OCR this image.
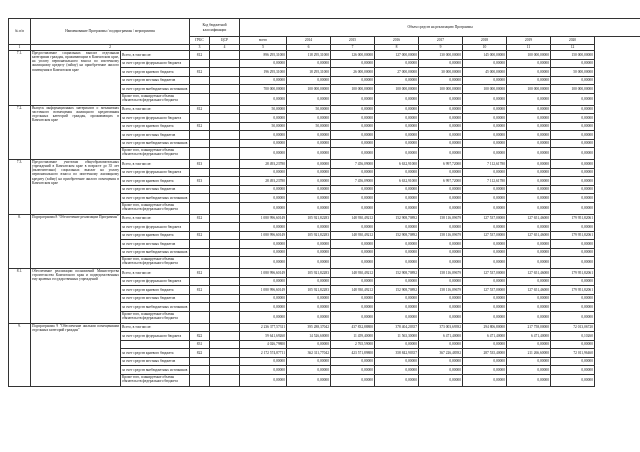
№ п/п	Наименование Программы / подпрограммы / мероприятия		Код бюджетной классификации		Объем средств на реализацию Программы							
			ГРБС	ЦСР	всего	2014	2015	2016	2017	2018	2019	2020
1	2		3	4	5	6	7	8	9	10	11	12
7.1.	Предоставление социальных выплат отдельным категориям граждан, проживающим в Камчатском крае, на уплату первоначального взноса по ипотечному жилищному кредиту (займу) на приобретение жилого помещения в Камчатском крае	Всего, в том числе:	812		896 295,31000	118 295,31000	126 000,00000	127 000,00000	130 000,00000	145 000,00000	100 000,00000	150 000,00000
		за счет средств федерального бюджета			0,00000	0,00000	0,00000	0,00000	0,00000	0,00000	0,00000	0,00000
		за счет средств краевого бюджета	812		196 295,31000	18 295,31000	26 000,00000	27 000,00000	30 000,00000	45 000,00000	0,00000	50 000,00000
		за счет средств местных бюджетов			0,00000	0,00000	0,00000	0,00000	0,00000	0,00000	0,00000	0,00000
		за счет средств внебюджетных источников			700 000,00000	100 000,00000	100 000,00000	100 000,00000	100 000,00000	100 000,00000	100 000,00000	100 000,00000
		Кроме того, планируемые объемы обязательств федерального бюджета			0,00000	0,00000	0,00000	0,00000	0,00000	0,00000	0,00000	0,00000
7.2.	Выпуск информационных материалов о механизмах частичного возмещения жилищного кредитования отдельных категорий граждан, проживающих в Камчатском крае	Всего, в том числе:	812		50,00000	50,00000	0,00000	0,00000	0,00000	0,00000	0,00000	0,00000
		за счет средств федерального бюджета			0,00000	0,00000	0,00000	0,00000	0,00000	0,00000	0,00000	0,00000
		за счет средств краевого бюджета	812		50,00000	50,00000	0,00000	0,00000	0,00000	0,00000	0,00000	0,00000
		за счет средств местных бюджетов			0,00000	0,00000	0,00000	0,00000	0,00000	0,00000	0,00000	0,00000
		за счет средств внебюджетных источников			0,00000	0,00000	0,00000	0,00000	0,00000	0,00000	0,00000	0,00000
		Кроме того, планируемые объемы обязательств федерального бюджета			0,00000	0,00000	0,00000	0,00000	0,00000	0,00000	0,00000	0,00000
7.3.	Предоставление учителям общеобразовательных учреждений в Камчатском крае в возрасте до 35 лет (включительно) социальных выплат на уплату первоначального взноса по ипотечному жилищному кредиту (займу) на приобретение жилого помещения в Камчатском крае	Всего, в том числе:	813		28 493,23780	0,00000	7 456,09000	6 632,91000	6 997,72000	7 112,61780	0,00000	0,00000
		за счет средств федерального бюджета			0,00000	0,00000	0,00000	0,00000	0,00000	0,00000	0,00000	0,00000
		за счет средств краевого бюджета	813		28 493,23780	0,00000	7 456,09000	6 632,91000	6 997,72000	7 112,61780	0,00000	0,00000
		за счет средств местных бюджетов			0,00000	0,00000	0,00000	0,00000	0,00000	0,00000	0,00000	0,00000
		за счет средств внебюджетных источников			0,00000	0,00000	0,00000	0,00000	0,00000	0,00000	0,00000	0,00000
		Кроме того, планируемые объемы обязательств федерального бюджета			0,00000	0,00000	0,00000	0,00000	0,00000	0,00000	0,00000	0,00000
8.	Подпрограмма 8 "Обеспечение реализации Программы"	Всего, в том числе:	812		1 080 996,60149	105 921,82283	148 930,49212	152 908,70892	158 116,09679	127 537,00000	127 651,46000	179 951,82061
		за счет средств федерального бюджета			0,00000	0,00000	0,00000	0,00000	0,00000	0,00000	0,00000	0,00000
		за счет средств краевого бюджета	812		1 080 996,60149	105 921,82283	148 930,49212	152 908,70892	158 116,09679	127 537,00000	127 651,46000	179 951,82061
		за счет средств местных бюджетов			0,00000	0,00000	0,00000	0,00000	0,00000	0,00000	0,00000	0,00000
		за счет средств внебюджетных источников			0,00000	0,00000	0,00000	0,00000	0,00000	0,00000	0,00000	0,00000
		Кроме того, планируемые объемы обязательств федерального бюджета			0,00000	0,00000	0,00000	0,00000	0,00000	0,00000	0,00000	0,00000
8.1.	Обеспечение реализации полномочий Министерства строительства Камчатского края и подведомственных ему краевых государственных учреждений	Всего, в том числе:	812		1 080 996,60149	105 921,82283	148 930,49212	152 908,70892	158 116,09679	127 537,00000	127 651,46000	179 951,82061
		за счет средств федерального бюджета			0,00000	0,00000	0,00000	0,00000	0,00000	0,00000	0,00000	0,00000
		за счет средств краевого бюджета	812		1 080 996,60149	105 921,82283	148 930,49212	152 908,70892	158 116,09679	127 537,00000	127 651,46000	179 951,82061
		за счет средств местных бюджетов			0,00000	0,00000	0,00000	0,00000	0,00000	0,00000	0,00000	0,00000
		за счет средств внебюджетных источников			0,00000	0,00000	0,00000	0,00000	0,00000	0,00000	0,00000	0,00000
		Кроме того, планируемые объемы обязательств федерального бюджета			0,00000	0,00000	0,00000	0,00000	0,00000	0,00000	0,00000	0,00000
9.	Подпрограмма 9 "Обеспечение жилыми помещениями отдельных категорий граждан"	Всего, в том числе:			2 236 377,57311	395 288,37042	437 832,88800	378 404,20357	373 003,69392	294 806,80000	217 758,00000	72 013,06720
		за счет средств федерального бюджета	822		59 641,69260	14 526,60000	11 459,40000	11 563,30000	6 471,40000	6 471,40000	6 471,40000	0,10260
			831		4 026,79800	0,00000	2 765,59000	0,00000	0,00000	0,00000	0,00000	0,00000
		за счет средств краевого бюджета	822		2 172 574,87711	362 311,77042	423 571,89800	358 842,90357	367 226,48392	287 535,40000	211 266,60000	72 011,96460
		за счет средств местных бюджетов			0,00000	0,00000	0,00000	0,00000	0,00000	0,00000	0,00000	0,00000
		за счет средств внебюджетных источников			0,00000	0,00000	0,00000	0,00000	0,00000	0,00000	0,00000	0,00000
		Кроме того, планируемые объемы обязательств федерального бюджета			0,00000	0,00000	0,00000	0,00000	0,00000	0,00000	0,00000	0,00000
